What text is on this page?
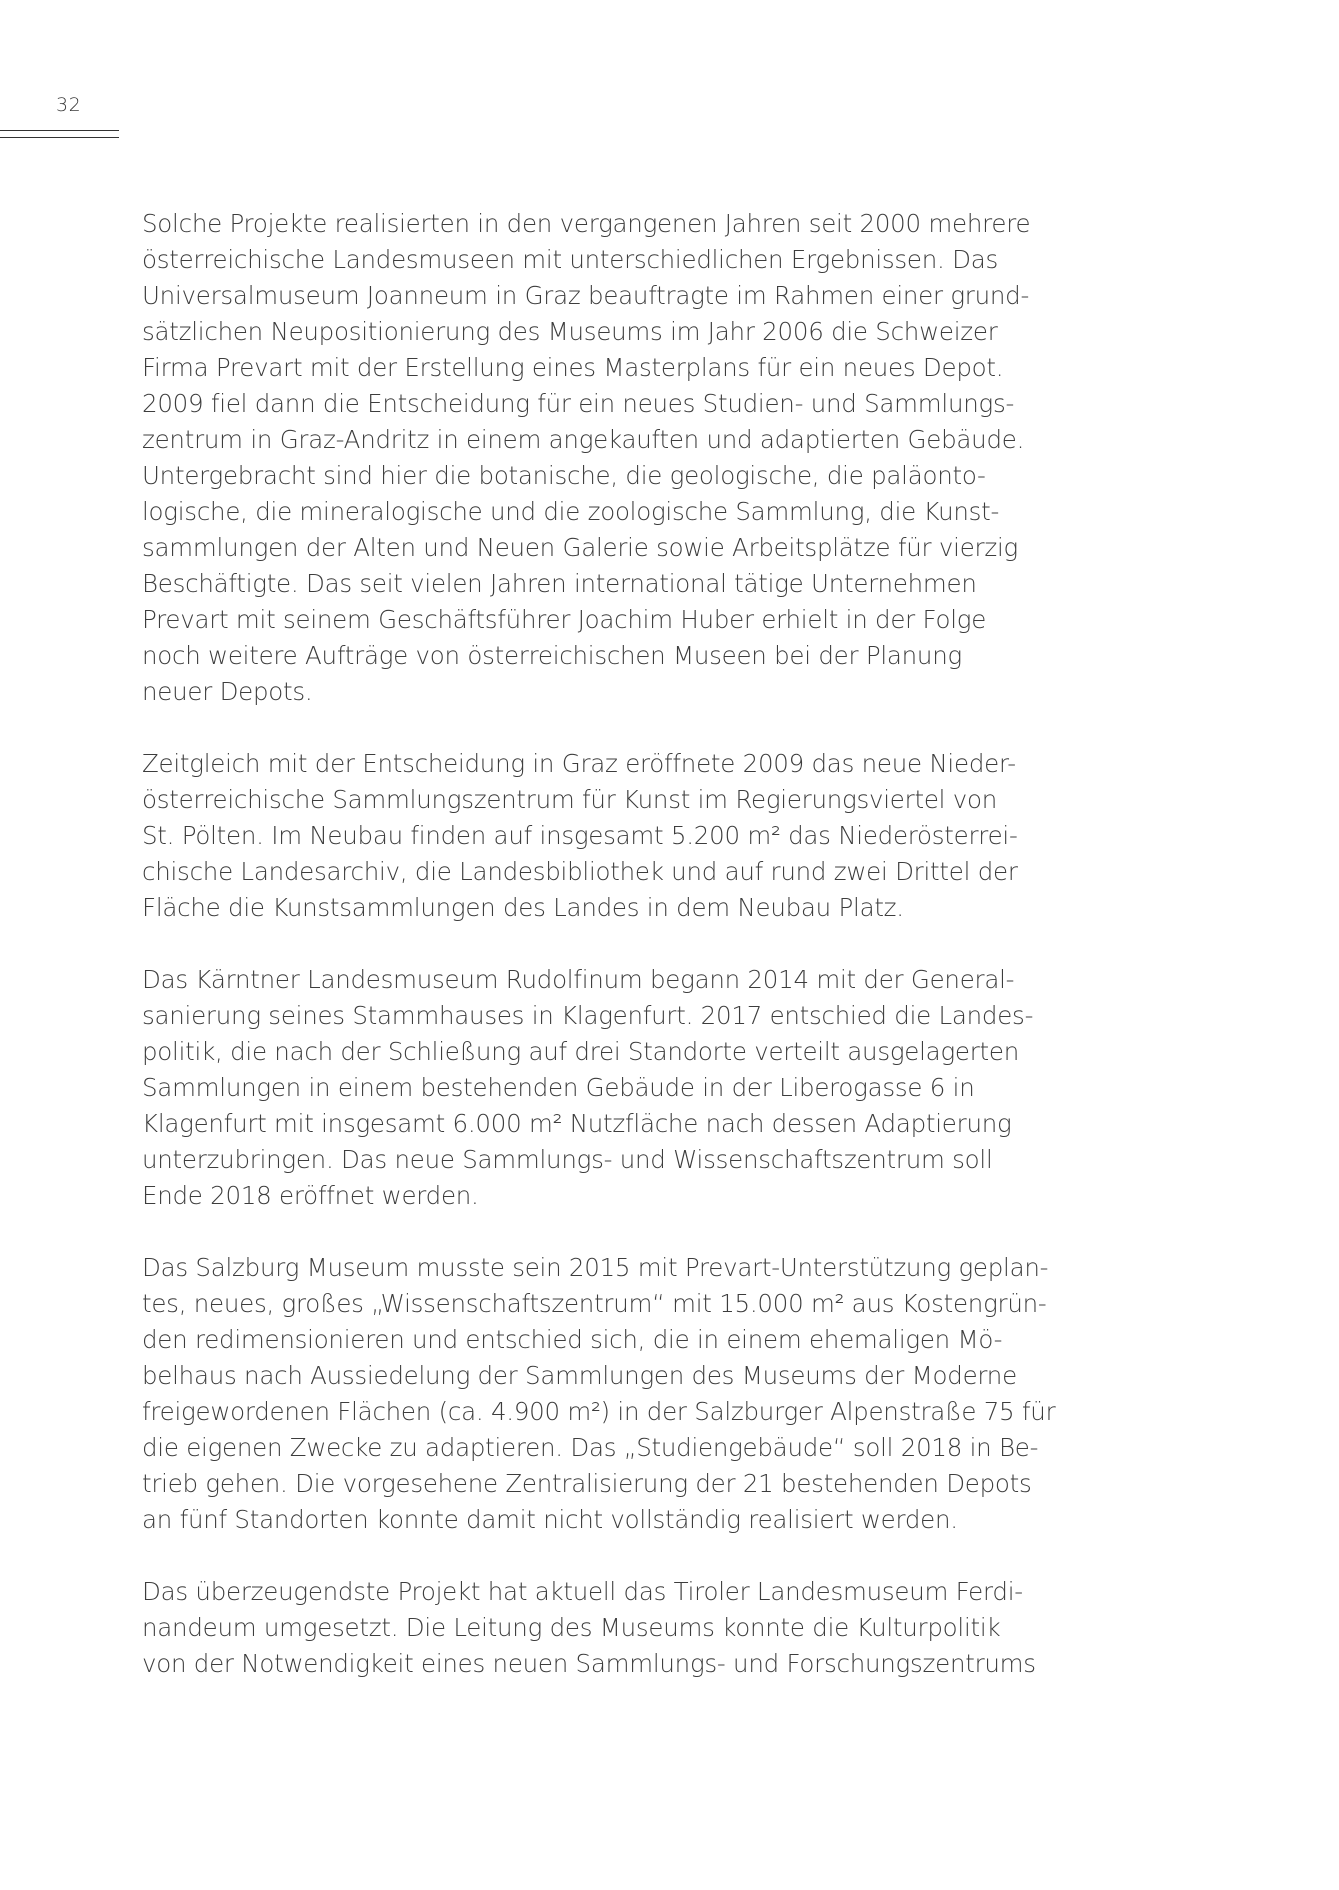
32
Solche Projekte realisierten in den vergangenen Jahren seit 2000 mehrere
österreichische Landesmuseen mit unterschiedlichen Ergebnissen. Das
Universalmuseum Joanneum in Graz beauftragte im Rahmen einer grund-
sätzlichen Neupositionierung des Museums im Jahr 2006 die Schweizer
Firma Prevart mit der Erstellung eines Masterplans für ein neues Depot.
2009 fiel dann die Entscheidung für ein neues Studien- und Sammlungs-
zentrum in Graz-Andritz in einem angekauften und adaptierten Gebäude.
Untergebracht sind hier die botanische, die geologische, die paläonto-
logische, die mineralogische und die zoologische Sammlung, die Kunst-
sammlungen der Alten und Neuen Galerie sowie Arbeitsplätze für vierzig
Beschäftigte. Das seit vielen Jahren international tätige Unternehmen
Prevart mit seinem Geschäftsführer Joachim Huber erhielt in der Folge
noch weitere Aufträge von österreichischen Museen bei der Planung
neuer Depots.
Zeitgleich mit der Entscheidung in Graz eröffnete 2009 das neue Nieder-
österreichische Sammlungszentrum für Kunst im Regierungsviertel von
St. Pölten. Im Neubau finden auf insgesamt 5.200 m² das Niederösterrei-
chische Landesarchiv, die Landesbibliothek und auf rund zwei Drittel der
Fläche die Kunstsammlungen des Landes in dem Neubau Platz.
Das Kärntner Landesmuseum Rudolfinum begann 2014 mit der General-
sanierung seines Stammhauses in Klagenfurt. 2017 entschied die Landes-
politik, die nach der Schließung auf drei Standorte verteilt ausgelagerten
Sammlungen in einem bestehenden Gebäude in der Liberogasse 6 in
Klagenfurt mit insgesamt 6.000 m² Nutzfläche nach dessen Adaptierung
unterzubringen. Das neue Sammlungs- und Wissenschaftszentrum soll
Ende 2018 eröffnet werden.
Das Salzburg Museum musste sein 2015 mit Prevart-Unterstützung geplan-
tes, neues, großes „Wissenschaftszentrum“ mit 15.000 m² aus Kostengrün-
den redimensionieren und entschied sich, die in einem ehemaligen Mö-
belhaus nach Aussiedelung der Sammlungen des Museums der Moderne
freigewordenen Flächen (ca. 4.900 m²) in der Salzburger Alpenstraße 75 für
die eigenen Zwecke zu adaptieren. Das „Studiengebäude“ soll 2018 in Be-
trieb gehen. Die vorgesehene Zentralisierung der 21 bestehenden Depots
an fünf Standorten konnte damit nicht vollständig realisiert werden.
Das überzeugendste Projekt hat aktuell das Tiroler Landesmuseum Ferdi-
nandeum umgesetzt. Die Leitung des Museums konnte die Kulturpolitik
von der Notwendigkeit eines neuen Sammlungs- und Forschungszentrums
